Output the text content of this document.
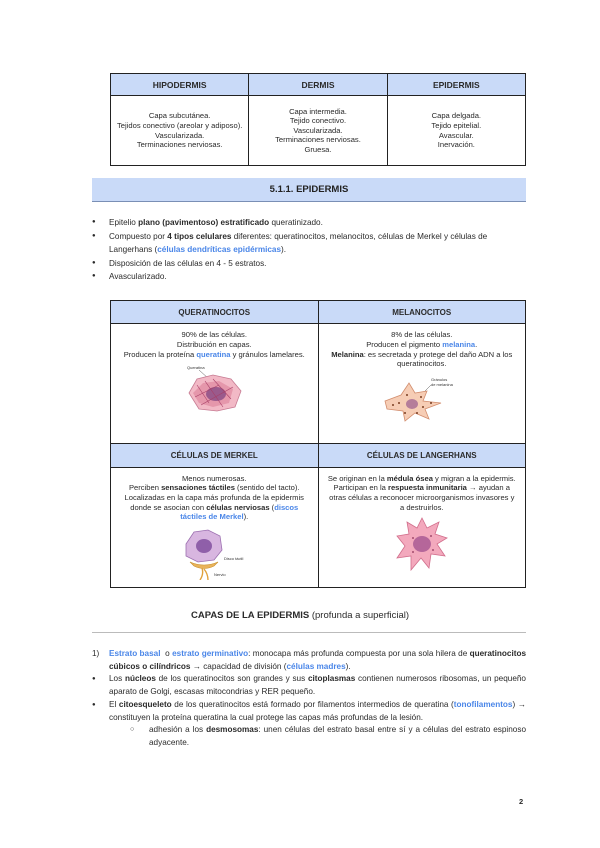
HIPODERMIS	DERMIS	EPIDERMIS

Capa subcutánea.
Tejidos conectivo (areolar y adiposo).
Vascularizada.
Terminaciones nerviosas.	Capa intermedia.
Tejido conectivo.
Vascularizada.
Terminaciones nerviosas.
Gruesa.	Capa delgada.
Tejido epitelial.
Avascular.
Inervación.
5.1.1. EPIDERMIS
● Epitelio plano (pavimentoso) estratificado queratinizado.
● Compuesto por 4 tipos celulares diferentes: queratinocitos, melanocitos, células de Merkel y células de Langerhans (células dendríticas epidérmicas).
● Disposición de las células en 4 - 5 estratos.
● Avascularizado.
QUERATINOCITOS	MELANOCITOS

90% de las células.
Distribución en capas.
Producen la proteína queratina y gránulos lamelares.
Queratina	8% de las células.
Producen el pigmento melanina.
Melanina: es secretada y protege del daño ADN a los queratinocitos.
Gránulos
de melanina

CÉLULAS DE MERKEL	CÉLULAS DE LANGERHANS

Menos numerosas.
Perciben sensaciones táctiles (sentido del tacto).
Localizadas en la capa más profunda de la epidermis donde se asocian con células nerviosas (discos táctiles de Merkel).
Disco táctil
Nervio	Se originan en la médula ósea y migran a la epidermis.
Participan en la respuesta inmunitaria → ayudan a otras células a reconocer microorganismos invasores y a destruirlos.
CAPAS DE LA EPIDERMIS (profunda a superficial)
1) Estrato basal  o estrato germinativo: monocapa más profunda compuesta por una sola hilera de queratinocitos cúbicos o cilíndricos → capacidad de división (células madres).
● Los núcleos de los queratinocitos son grandes y sus citoplasmas contienen numerosos ribosomas, un pequeño aparato de Golgi, escasas mitocondrias y RER pequeño.
● El citoesqueleto de los queratinocitos está formado por filamentos intermedios de queratina (tonofilamentos) → constituyen la proteína queratina la cual protege las capas más profundas de la lesión.
○ adhesión a los desmosomas: unen células del estrato basal entre sí y a células del estrato espinoso adyacente.
2
